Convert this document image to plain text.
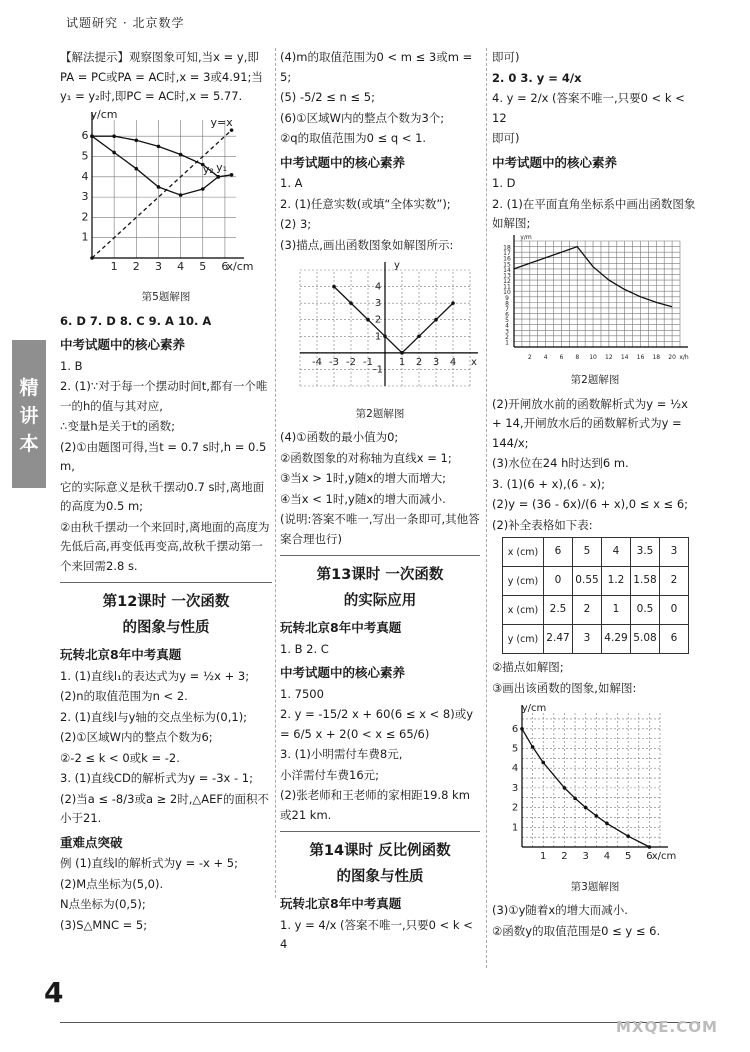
试题研究 · 北京数学
精
讲
本

【解法提示】观察图象可知,当x = y,即PA = PC或PA = AC时,x = 3或4.91;当y₁ = y₂时,即PC = AC时,x = 5.77.

1 2 3 4 5 6
1
2
3
4
5
6
x/cm
y/cm
y₁
y₂
y=x
第5题解图

6. D 7. D 8. C 9. A 10. A

中考试题中的核心素养

1. B

2. (1)∵对于每一个摆动时间t,都有一个唯一的h的值与其对应,

∴变量h是关于t的函数;

(2)①由题图可得,当t = 0.7 s时,h = 0.5 m,

它的实际意义是秋千摆动0.7 s时,离地面的高度为0.5 m;

②由秋千摆动一个来回时,离地面的高度为先低后高,再变低再变高,故秋千摆动第一个来回需2.8 s.

第12课时 一次函数
的图象与性质
玩转北京8年中考真题

1. (1)直线l₁的表达式为y = ½x + 3;

(2)n的取值范围为n < 2.

2. (1)直线l与y轴的交点坐标为(0,1);

(2)①区域W内的整点个数为6;

②-2 ≤ k < 0或k = -2.

3. (1)直线CD的解析式为y = -3x - 1;

(2)当a ≤ -8/3或a ≥ 2时,△AEF的面积不小于21.

重难点突破

例 (1)直线l的解析式为y = -x + 5;

(2)M点坐标为(5,0).

N点坐标为(0,5);

(3)S△MNC = 5;

(4)m的取值范围为0 < m ≤ 3或m = 5;

(5) -5/2 ≤ n ≤ 5;

(6)①区域W内的整点个数为3个;

②q的取值范围为0 ≤ q < 1.

中考试题中的核心素养

1. A

2. (1)任意实数(或填“全体实数”);

(2) 3;

(3)描点,画出函数图象如解图所示:

-4 -3 -2 -1	1 2 3 4
-1
1
2
3
4
x
y
第2题解图

(4)①函数的最小值为0;

②函数图象的对称轴为直线x = 1;

③当x > 1时,y随x的增大而增大;

④当x < 1时,y随x的增大而减小.

(说明:答案不唯一,写出一条即可,其他答案合理也行)

第13课时 一次函数
的实际应用
玩转北京8年中考真题

1. B 2. C

中考试题中的核心素养

1. 7500

2. y = -15/2 x + 60(6 ≤ x < 8)或y = 6/5 x + 2(0 < x ≤ 65/6)

3. (1)小明需付车费8元,

小洋需付车费16元;

(2)张老师和王老师的家相距19.8 km或21 km.

第14课时 反比例函数
的图象与性质
玩转北京8年中考真题

1. y = 4/x (答案不唯一,只要0 < k < 4

即可)

2. 0 3. y = 4/x

4. y = 2/x (答案不唯一,只要0 < k < 12

即可)

中考试题中的核心素养

1. D

2. (1)在平面直角坐标系中画出函数图象如解图;

2 4 6 8 10 12 14 16 18 20
1
2
3
4
5
6
7
8
9
10
11
12
13
14
15
16
17
18
x/h
y/m
第2题解图

(2)开闸放水前的函数解析式为y = ½x + 14,开闸放水后的函数解析式为y = 144/x;

(3)水位在24 h时达到6 m.

3. (1)(6 + x),(6 - x);

(2)y = (36 - 6x)/(6 + x),0 ≤ x ≤ 6;

(2)补全表格如下表:

x (cm)	6	5	4	3.5	3
y (cm)	0	0.55	1.2	1.58	2
x (cm)	2.5	2	1	0.5	0
y (cm)	2.47	3	4.29	5.08	6

②描点如解图;

③画出该函数的图象,如解图:

1 2 3 4 5 6
1
2
3
4
5
6
x/cm
y/cm
第3题解图

(3)①y随着x的增大而减小.

②函数y的取值范围是0 ≤ y ≤ 6.

4
MXQE.COM
